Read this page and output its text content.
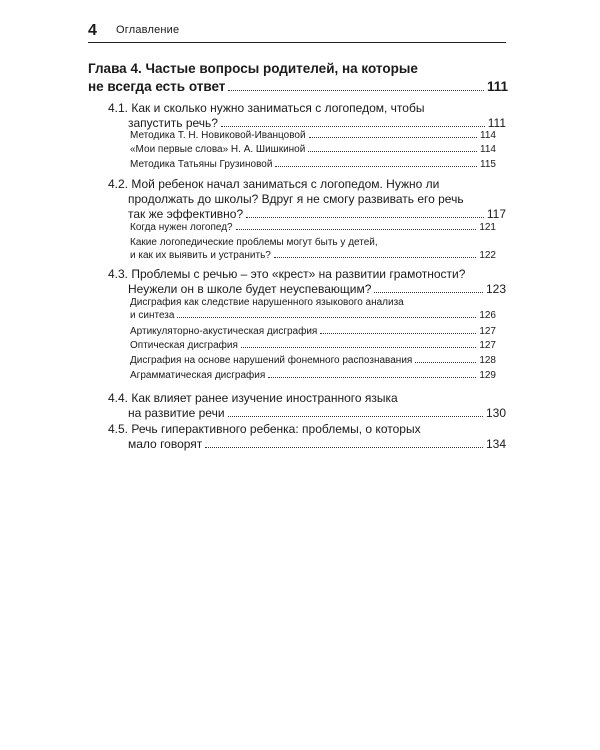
4 Оглавление
Глава 4. Частые вопросы родителей, на которые
не всегда есть ответ	111
4.1. Как и сколько нужно заниматься с логопедом, чтобы
запустить речь?	111
Методика Т. Н. Новиковой-Иванцовой	114
«Мои первые слова» Н. А. Шишкиной	114
Методика Татьяны Грузиновой	115
4.2. Мой ребенок начал заниматься с логопедом. Нужно ли
продолжать до школы? Вдруг я не смогу развивать его речь
так же эффективно?	117
Когда нужен логопед?	121
Какие логопедические проблемы могут быть у детей,
и как их выявить и устранить?	122
4.3. Проблемы с речью – это «крест» на развитии грамотности?
Неужели он в школе будет неуспевающим?	123
Дисграфия как следствие нарушенного языкового анализа
и синтеза	126
Артикуляторно-акустическая дисграфия	127
Оптическая дисграфия	127
Дисграфия на основе нарушений фонемного распознавания	128
Аграмматическая дисграфия	129
4.4. Как влияет ранее изучение иностранного языка
на развитие речи	130
4.5. Речь гиперактивного ребенка: проблемы, о которых
мало говорят	134
